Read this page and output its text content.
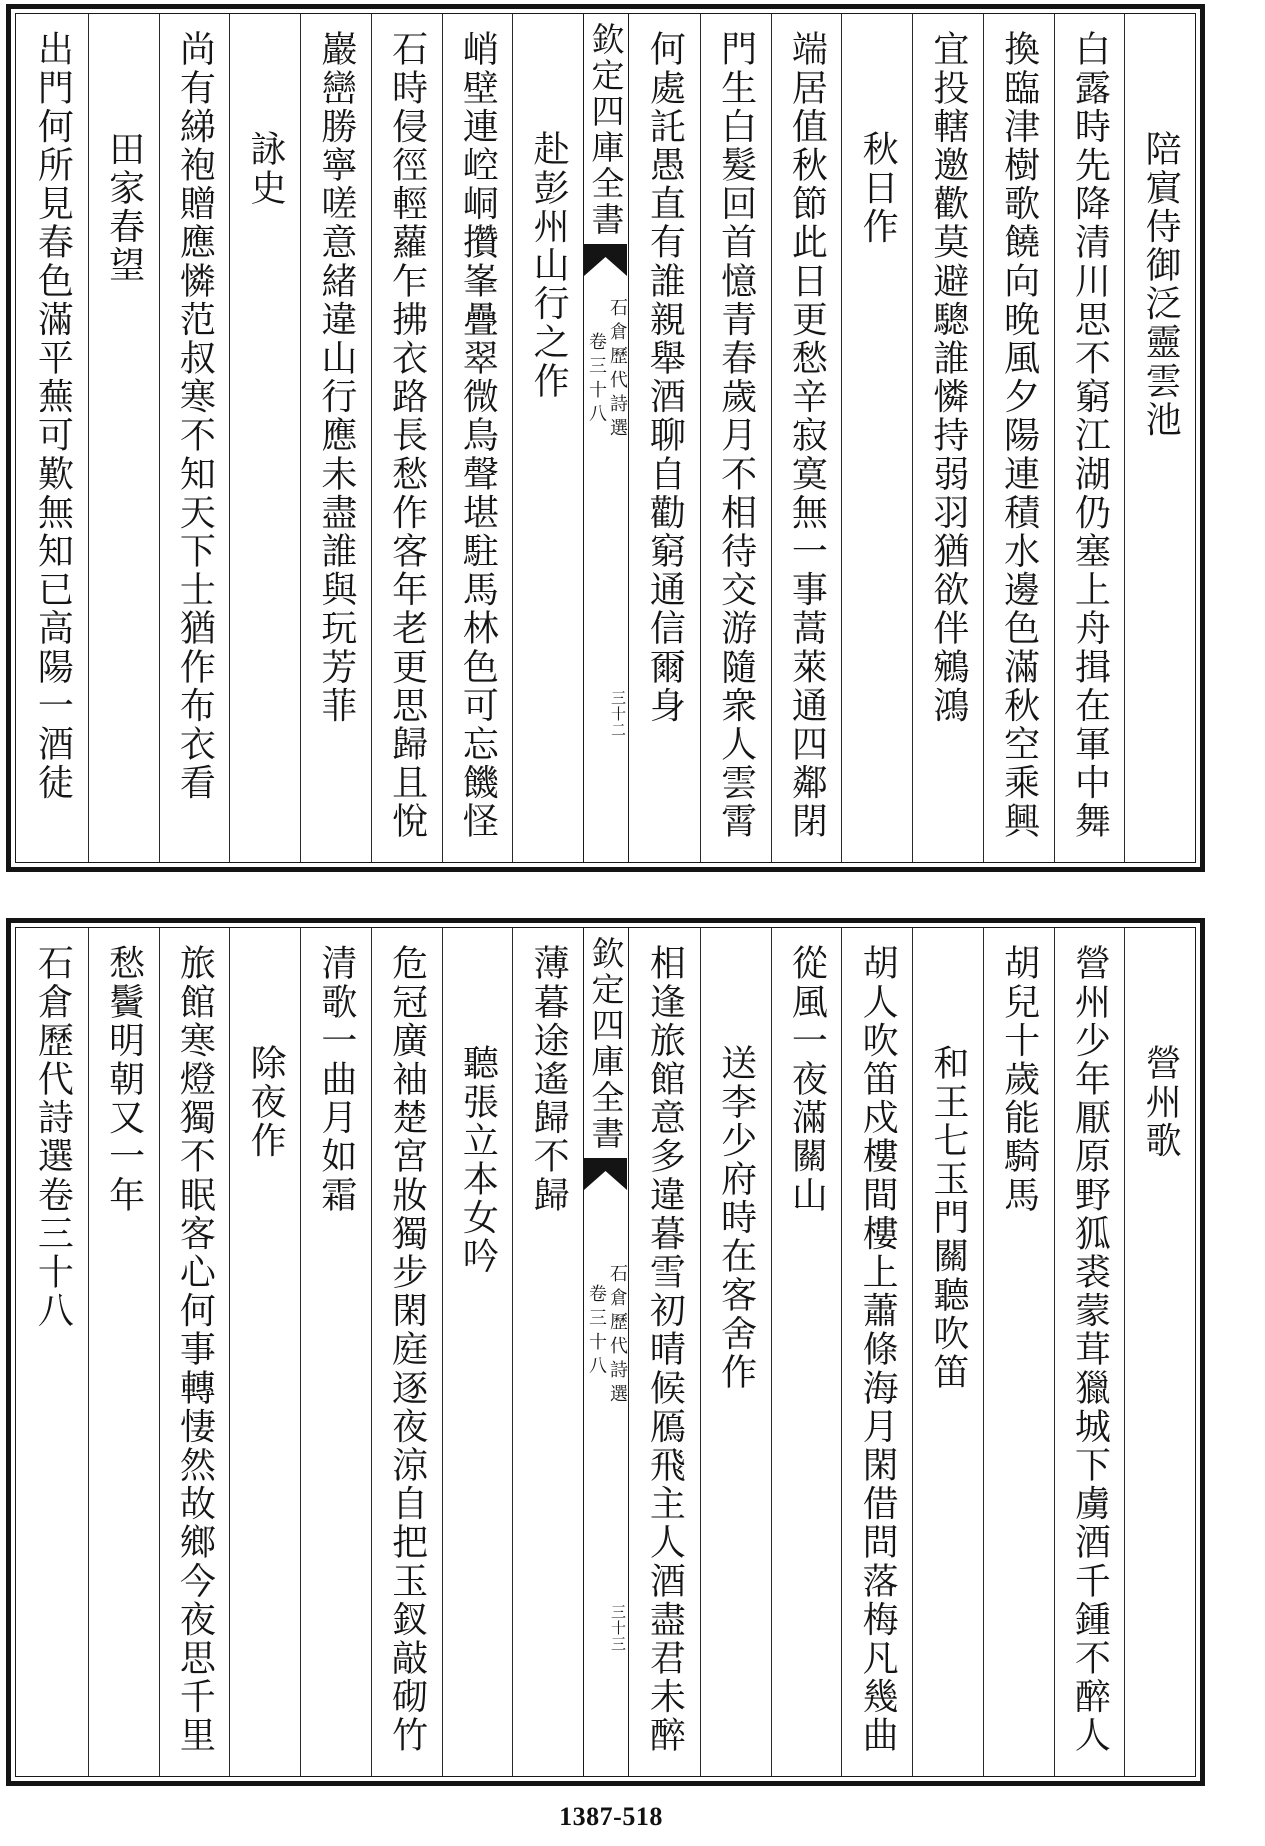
陪賔侍御泛靈雲池
白露時先降清川思不窮江湖仍塞上舟揖在軍中舞
換臨津樹歌饒向晚風夕陽連積水邊色滿秋空乘興
宜投轄邀歡莫避驄誰憐持弱羽猶欲伴鵷鴻
秋日作
端居值秋節此日更愁辛寂寞無一事蒿萊通四鄰閉
門生白髮回首憶青春歲月不相待交游隨衆人雲霄
何處託愚直有誰親舉酒聊自勸窮通信爾身
欽定四庫全書
石倉歷代詩選
卷三十八
三十二
赴彭州山行之作
峭壁連崆峒攢峯疊翠微鳥聲堪駐馬林色可忘饑怪
石時侵徑輕蘿乍拂衣路長愁作客年老更思歸且悅
巖巒勝寧嗟意緒違山行應未盡誰與玩芳菲
詠史
尚有綈袍贈應憐范叔寒不知天下士猶作布衣看
田家春望
出門何所見春色滿平蕪可歎無知已高陽一酒徒
營州歌
營州少年厭原野狐裘蒙茸獵城下虜酒千鍾不醉人
胡兒十歲能騎馬
和王七玉門關聽吹笛
胡人吹笛戍樓間樓上蕭條海月閑借問落梅凡幾曲
從風一夜滿關山
送李少府時在客舍作
相逢旅館意多違暮雪初晴候鴈飛主人酒盡君未醉
欽定四庫全書
石倉歷代詩選
卷三十八
三十三
薄暮途遙歸不歸
聽張立本女吟
危冠廣袖楚宮妝獨步閑庭逐夜涼自把玉釵敲砌竹
清歌一曲月如霜
除夜作
旅館寒燈獨不眠客心何事轉悽然故鄉今夜思千里
愁鬢明朝又一年
石倉歷代詩選卷三十八
1387-518
